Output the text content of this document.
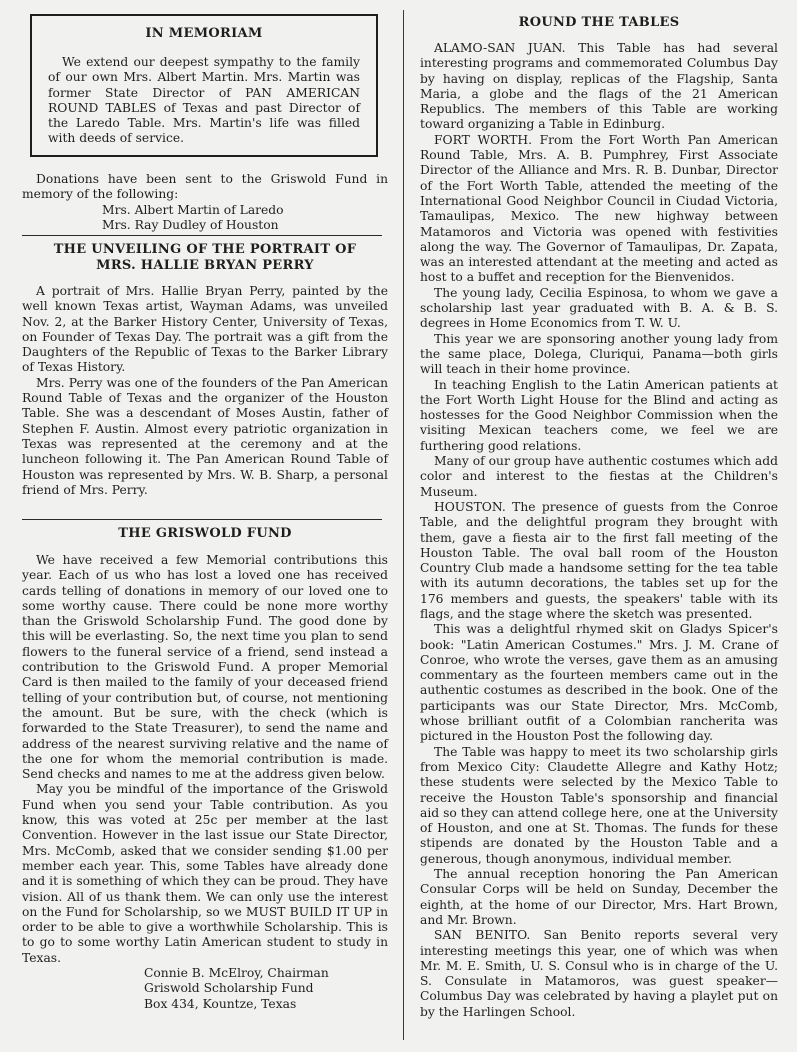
IN MEMORIAM

We extend our deepest sympathy to the family of our own Mrs. Albert Martin. Mrs. Martin was former State Director of PAN AMERICAN ROUND TABLES of Texas and past Director of the Laredo Table. Mrs. Martin's life was filled with deeds of service.

Donations have been sent to the Griswold Fund in memory of the following:

Mrs. Albert Martin of Laredo
Mrs. Ray Dudley of Houston
THE UNVEILING OF THE PORTRAIT OF
MRS. HALLIE BRYAN PERRY

A portrait of Mrs. Hallie Bryan Perry, painted by the well known Texas artist, Wayman Adams, was unveiled Nov. 2, at the Barker History Center, University of Texas, on Founder of Texas Day. The portrait was a gift from the Daughters of the Republic of Texas to the Barker Library of Texas History.

Mrs. Perry was one of the founders of the Pan American Round Table of Texas and the organizer of the Houston Table. She was a descendant of Moses Austin, father of Stephen F. Austin. Almost every patriotic organization in Texas was represented at the ceremony and at the luncheon following it. The Pan American Round Table of Houston was represented by Mrs. W. B. Sharp, a personal friend of Mrs. Perry.

THE GRISWOLD FUND

We have received a few Memorial contributions this year. Each of us who has lost a loved one has received cards telling of donations in memory of our loved one to some worthy cause. There could be none more worthy than the Griswold Scholarship Fund. The good done by this will be everlasting. So, the next time you plan to send flowers to the funeral service of a friend, send instead a contribution to the Griswold Fund. A proper Memorial Card is then mailed to the family of your deceased friend telling of your contribution but, of course, not mentioning the amount. But be sure, with the check (which is forwarded to the State Treasurer), to send the name and address of the nearest surviving relative and the name of the one for whom the memorial contribution is made. Send checks and names to me at the address given below.

May you be mindful of the importance of the Griswold Fund when you send your Table contribution. As you know, this was voted at 25c per member at the last Convention. However in the last issue our State Director, Mrs. McComb, asked that we consider sending $1.00 per member each year. This, some Tables have already done and it is something of which they can be proud. They have vision. All of us thank them. We can only use the interest on the Fund for Scholarship, so we MUST BUILD IT UP in order to be able to give a worthwhile Scholarship. This is to go to some worthy Latin American student to study in Texas.

Connie B. McElroy, Chairman
Griswold Scholarship Fund
Box 434, Kountze, Texas
ROUND THE TABLES

ALAMO-SAN JUAN. This Table has had several interesting programs and commemorated Columbus Day by having on display, replicas of the Flagship, Santa Maria, a globe and the flags of the 21 American Republics. The members of this Table are working toward organizing a Table in Edinburg.

FORT WORTH. From the Fort Worth Pan American Round Table, Mrs. A. B. Pumphrey, First Associate Director of the Alliance and Mrs. R. B. Dunbar, Director of the Fort Worth Table, attended the meeting of the International Good Neighbor Council in Ciudad Victoria, Tamaulipas, Mexico. The new highway between Matamoros and Victoria was opened with festivities along the way. The Governor of Tamaulipas, Dr. Zapata, was an interested attendant at the meeting and acted as host to a buffet and reception for the Bienvenidos.

The young lady, Cecilia Espinosa, to whom we gave a scholarship last year graduated with B. A. & B. S. degrees in Home Economics from T. W. U.

This year we are sponsoring another young lady from the same place, Dolega, Cluriqui, Panama—both girls will teach in their home province.

In teaching English to the Latin American patients at the Fort Worth Light House for the Blind and acting as hostesses for the Good Neighbor Commission when the visiting Mexican teachers come, we feel we are furthering good relations.

Many of our group have authentic costumes which add color and interest to the fiestas at the Children's Museum.

HOUSTON. The presence of guests from the Conroe Table, and the delightful program they brought with them, gave a fiesta air to the first fall meeting of the Houston Table. The oval ball room of the Houston Country Club made a handsome setting for the tea table with its autumn decorations, the tables set up for the 176 members and guests, the speakers' table with its flags, and the stage where the sketch was presented.

This was a delightful rhymed skit on Gladys Spicer's book: "Latin American Costumes." Mrs. J. M. Crane of Conroe, who wrote the verses, gave them as an amusing commentary as the fourteen members came out in the authentic costumes as described in the book. One of the participants was our State Director, Mrs. McComb, whose brilliant outfit of a Colombian rancherita was pictured in the Houston Post the following day.

The Table was happy to meet its two scholarship girls from Mexico City: Claudette Allegre and Kathy Hotz; these students were selected by the Mexico Table to receive the Houston Table's sponsorship and financial aid so they can attend college here, one at the University of Houston, and one at St. Thomas. The funds for these stipends are donated by the Houston Table and a generous, though anonymous, individual member.

The annual reception honoring the Pan American Consular Corps will be held on Sunday, December the eighth, at the home of our Director, Mrs. Hart Brown, and Mr. Brown.

SAN BENITO. San Benito reports several very interesting meetings this year, one of which was when Mr. M. E. Smith, U. S. Consul who is in charge of the U. S. Consulate in Matamoros, was guest speaker—Columbus Day was celebrated by having a playlet put on by the Harlingen School.
